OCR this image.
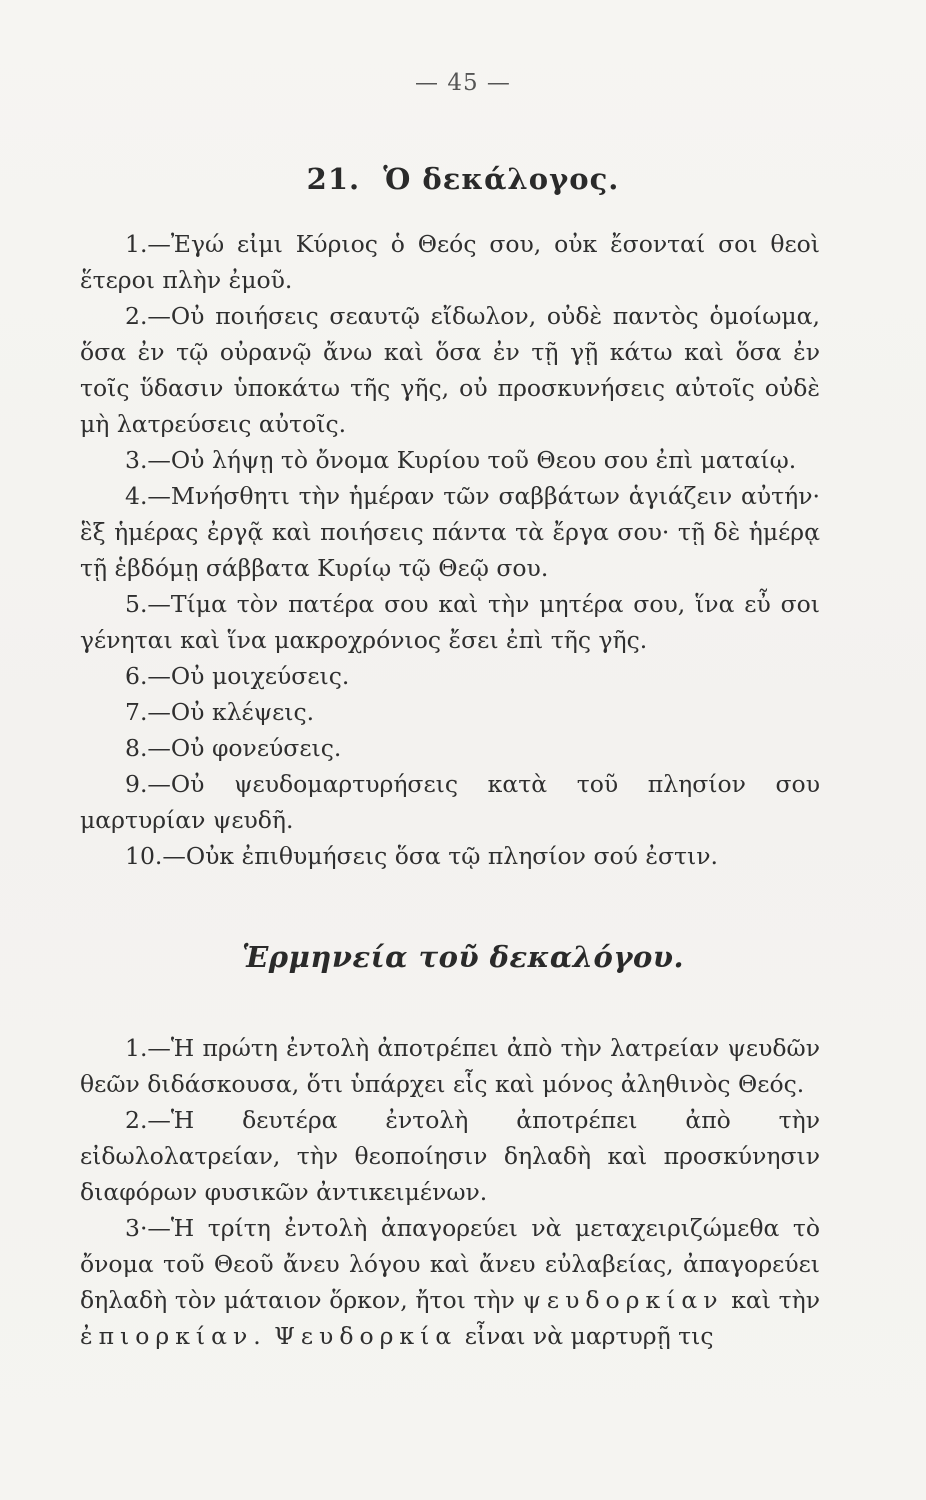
— 45 —
21. Ὁ δεκάλογος.

1.—Ἐγώ εἰμι Κύριος ὁ Θεός σου, οὐκ ἔσονταί σοι θεοὶ ἕτεροι πλὴν ἐμοῦ.

2.—Οὐ ποιήσεις σεαυτῷ εἴδωλον, οὐδὲ παντὸς ὁμοίωμα, ὅσα ἐν τῷ οὐρανῷ ἄνω καὶ ὅσα ἐν τῇ γῇ κάτω καὶ ὅσα ἐν τοῖς ὕδασιν ὑποκάτω τῆς γῆς, οὐ προσκυνήσεις αὐτοῖς οὐδὲ μὴ λατρεύσεις αὐτοῖς.

3.—Οὐ λήψῃ τὸ ὄνομα Κυρίου τοῦ Θεου σου ἐπὶ ματαίῳ.

4.—Μνήσθητι τὴν ἡμέραν τῶν σαββάτων ἁγιάζειν αὐτήν· ἓξ ἡμέρας ἐργᾷ καὶ ποιήσεις πάντα τὰ ἔργα σου· τῇ δὲ ἡμέρᾳ τῇ ἑβδόμῃ σάββατα Κυρίῳ τῷ Θεῷ σου.

5.—Τίμα τὸν πατέρα σου καὶ τὴν μητέρα σου, ἵνα εὖ σοι γένηται καὶ ἵνα μακροχρόνιος ἔσει ἐπὶ τῆς γῆς.

6.—Οὐ μοιχεύσεις.

7.—Οὐ κλέψεις.

8.—Οὐ φονεύσεις.

9.—Οὐ ψευδομαρτυρήσεις κατὰ τοῦ πλησίον σου μαρτυρίαν ψευδῆ.

10.—Οὐκ ἐπιθυμήσεις ὅσα τῷ πλησίον σού ἐστιν.

Ἑρμηνεία τοῦ δεκαλόγου.

1.—Ἡ πρώτη ἐντολὴ ἀποτρέπει ἀπὸ τὴν λατρείαν ψευδῶν θεῶν διδάσκουσα, ὅτι ὑπάρχει εἷς καὶ μόνος ἀληθινὸς Θεός.

2.—Ἡ δευτέρα ἐντολὴ ἀποτρέπει ἀπὸ τὴν εἰδωλολατρείαν, τὴν θεοποίησιν δηλαδὴ καὶ προσκύνησιν διαφόρων φυσικῶν ἀντικειμένων.

3·—Ἡ τρίτη ἐντολὴ ἀπαγορεύει νὰ μεταχειριζώμεθα τὸ ὄνομα τοῦ Θεοῦ ἄνευ λόγου καὶ ἄνευ εὐλαβείας, ἀπαγορεύει δηλαδὴ τὸν μάταιον ὅρκον, ἤτοι τὴν ψευδορκίαν καὶ τὴν ἐπιορκίαν. Ψευδορκία εἶναι νὰ μαρτυρῇ τις
